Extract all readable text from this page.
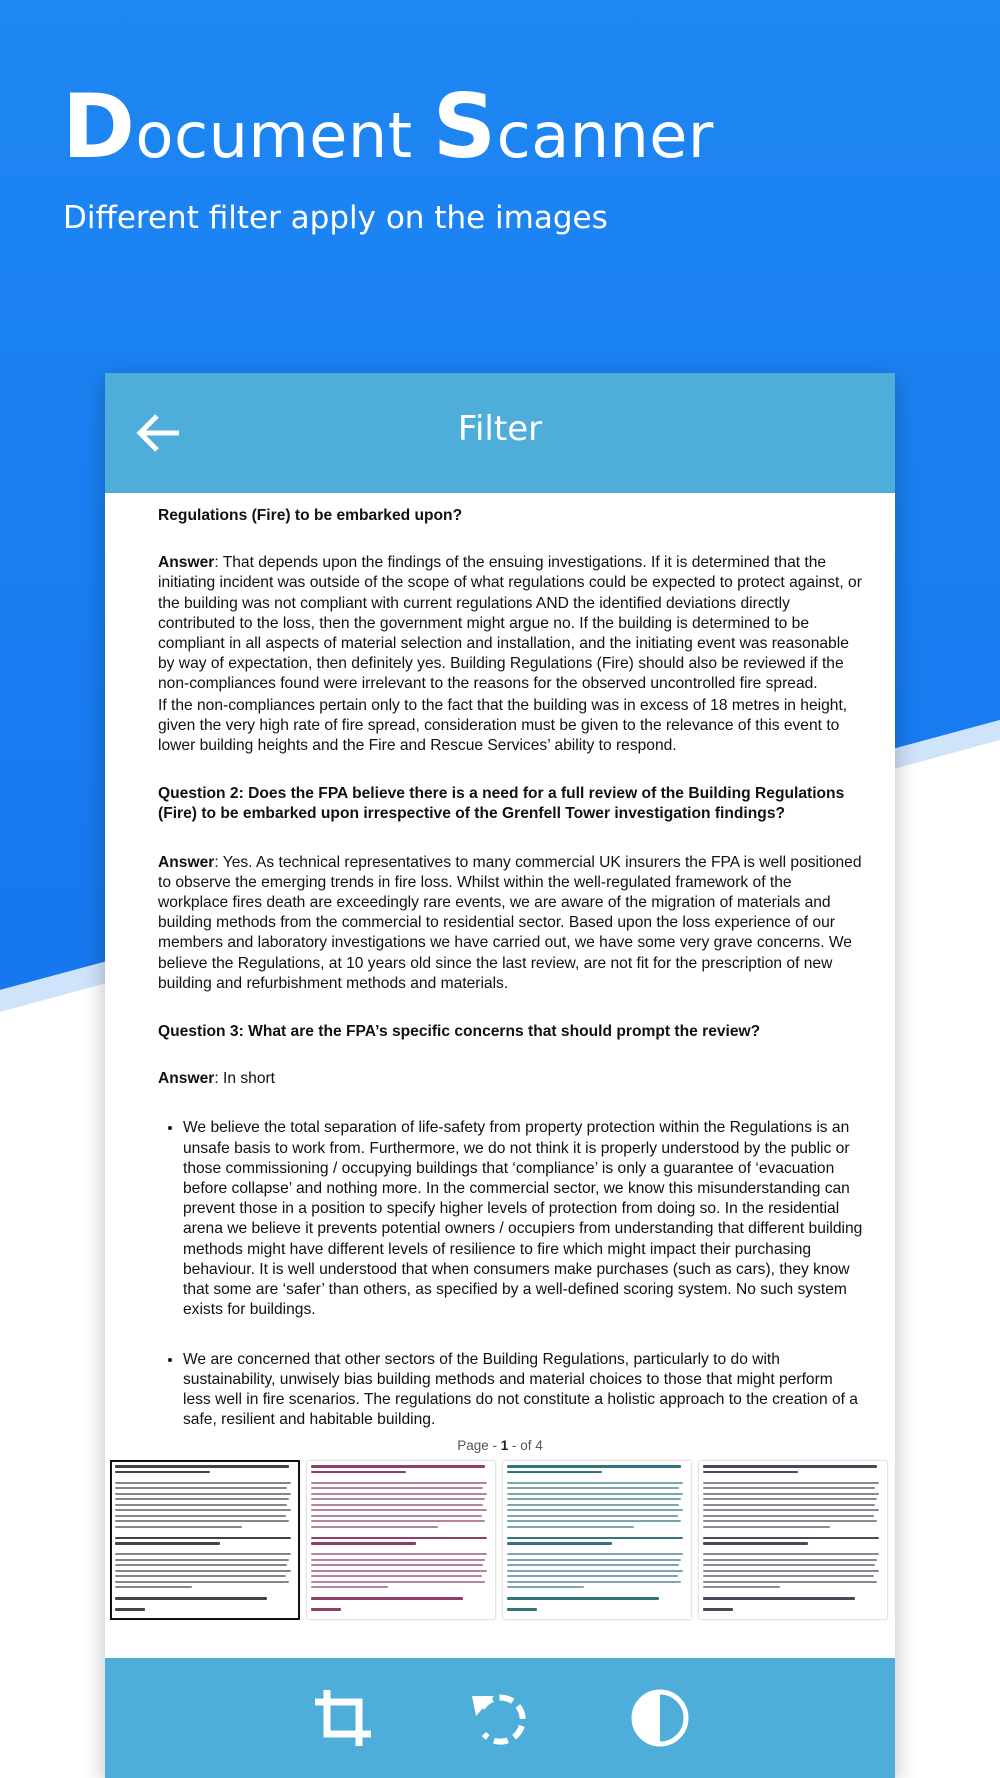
Document Scanner

Different filter apply on the images

Filter

Regulations (Fire) to be embarked upon?

Answer: That depends upon the findings of the ensuing investigations. If it is determined that the initiating incident was outside of the scope of what regulations could be expected to protect against, or the building was not compliant with current regulations AND the identified deviations directly contributed to the loss, then the government might argue no. If the building is determined to be compliant in all aspects of material selection and installation, and the initiating event was reasonable by way of expectation, then definitely yes. Building Regulations (Fire) should also be reviewed if the non-compliances found were irrelevant to the reasons for the observed uncontrolled fire spread.

If the non-compliances pertain only to the fact that the building was in excess of 18 metres in height, given the very high rate of fire spread, consideration must be given to the relevance of this event to lower building heights and the Fire and Rescue Services’ ability to respond.

Question 2: Does the FPA believe there is a need for a full review of the Building Regulations (Fire) to be embarked upon irrespective of the Grenfell Tower investigation findings?

Answer: Yes. As technical representatives to many commercial UK insurers the FPA is well positioned to observe the emerging trends in fire loss. Whilst within the well-regulated framework of the workplace fires death are exceedingly rare events, we are aware of the migration of materials and building methods from the commercial to residential sector. Based upon the loss experience of our members and laboratory investigations we have carried out, we have some very grave concerns. We believe the Regulations, at 10 years old since the last review, are not fit for the prescription of new building and refurbishment methods and materials.

Question 3: What are the FPA’s specific concerns that should prompt the review?

Answer: In short

• We believe the total separation of life-safety from property protection within the Regulations is an unsafe basis to work from. Furthermore, we do not think it is properly understood by the public or those commissioning / occupying buildings that ‘compliance’ is only a guarantee of ‘evacuation before collapse’ and nothing more. In the commercial sector, we know this misunderstanding can prevent those in a position to specify higher levels of protection from doing so. In the residential arena we believe it prevents potential owners / occupiers from understanding that different building methods might have different levels of resilience to fire which might impact their purchasing behaviour. It is well understood that when consumers make purchases (such as cars), they know that some are ‘safer’ than others, as specified by a well-defined scoring system. No such system exists for buildings.
• We are concerned that other sectors of the Building Regulations, particularly to do with sustainability, unwisely bias building methods and material choices to those that might perform less well in fire scenarios. The regulations do not constitute a holistic approach to the creation of a safe, resilient and habitable building.
Page - 1 - of 4
